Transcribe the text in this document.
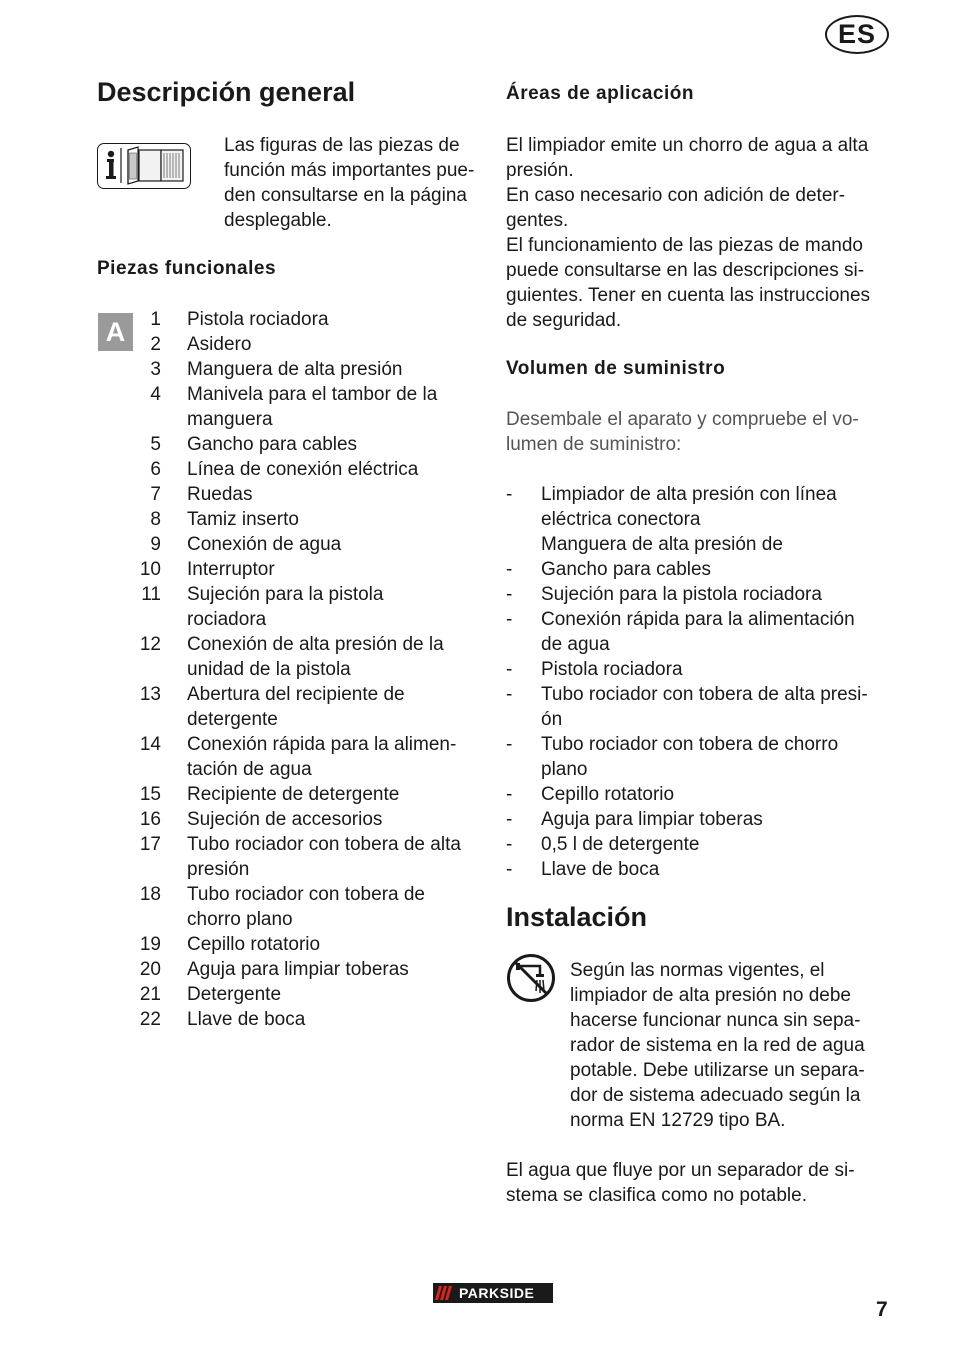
ES
Descripción general
Las figuras de las piezas de
función más importantes pue-
den consultarse en la página
desplegable.
Piezas funcionales
A	1 Pistola rociadora
2 Asidero
3 Manguera de alta presión
4 Manivela para el tambor de la
manguera
5 Gancho para cables
6 Línea de conexión eléctrica
7 Ruedas
8 Tamiz inserto
9 Conexión de agua
10 Interruptor
11 Sujeción para la pistola
rociadora
12 Conexión de alta presión de la
unidad de la pistola
13 Abertura del recipiente de
detergente
14 Conexión rápida para la alimen-
tación de agua
15 Recipiente de detergente
16 Sujeción de accesorios
17 Tubo rociador con tobera de alta
presión
18 Tubo rociador con tobera de
chorro plano
19 Cepillo rotatorio
20 Aguja para limpiar toberas
21 Detergente
22 Llave de boca
Áreas de aplicación
El limpiador emite un chorro de agua a alta
presión.
En caso necesario con adición de deter-
gentes.
El funcionamiento de las piezas de mando
puede consultarse en las descripciones si-
guientes. Tener en cuenta las instrucciones
de seguridad.
Volumen de suministro
Desembale el aparato y compruebe el vo-
lumen de suministro:
-	Limpiador de alta presión con línea
eléctrica conectora
Manguera de alta presión de
-	Gancho para cables
-	Sujeción para la pistola rociadora
-	Conexión rápida para la alimentación
de agua
-	Pistola rociadora
-	Tubo rociador con tobera de alta presi-
ón
-	Tubo rociador con tobera de chorro
plano
-	Cepillo rotatorio
-	Aguja para limpiar toberas
-	0,5 l de detergente
-	Llave de boca
Instalación
Según las normas vigentes, el
limpiador de alta presión no debe
hacerse funcionar nunca sin sepa-
rador de sistema en la red de agua
potable. Debe utilizarse un separa-
dor de sistema adecuado según la
norma EN 12729 tipo BA.
El agua que fluye por un separador de si-
stema se clasifica como no potable.
PARKSIDE
7
